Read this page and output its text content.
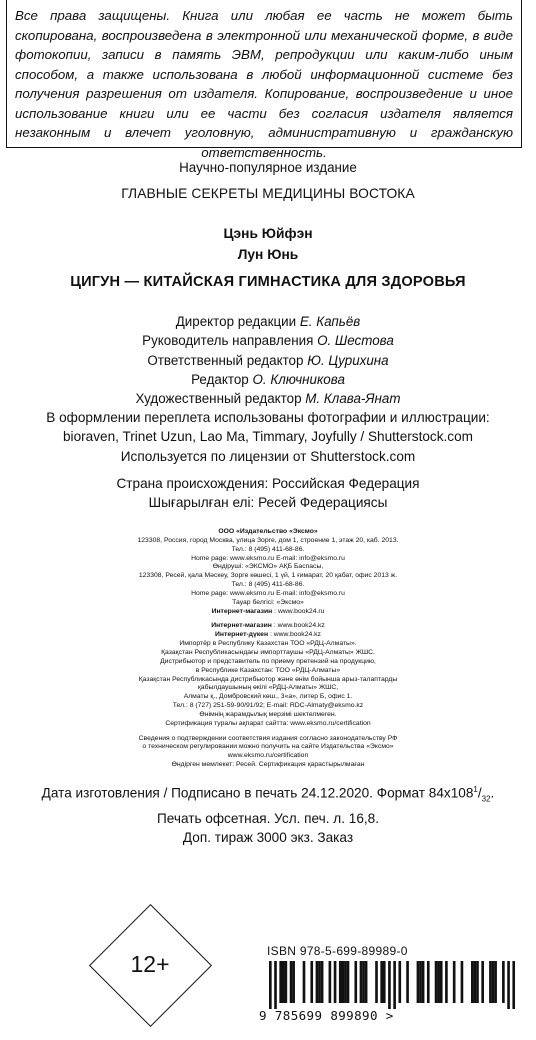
Все права защищены. Книга или любая ее часть не может быть скопирована, воспроизведена в электронной или механической форме, в виде фотокопии, записи в память ЭВМ, репродукции или каким-либо иным способом, а также использована в любой информационной системе без получения разрешения от издателя. Копирование, воспроизведение и иное использование книги или ее части без согласия издателя является незаконным и влечет уголовную, административную и гражданскую ответственность.

Научно-популярное издание
ГЛАВНЫЕ СЕКРЕТЫ МЕДИЦИНЫ ВОСТОКА
Цэнь Юйфэн
Лун Юнь
ЦИГУН — КИТАЙСКАЯ ГИМНАСТИКА ДЛЯ ЗДОРОВЬЯ
Директор редакции Е. Капьёв
Руководитель направления О. Шестова
Ответственный редактор Ю. Цурихина
Редактор О. Ключникова
Художественный редактор М. Клава-Янат
В оформлении переплета использованы фотографии и иллюстрации:
bioraven, Trinet Uzun, Lao Ma, Timmary, Joyfully / Shutterstock.com
Используется по лицензии от Shutterstock.com
Страна происхождения: Российская Федерация
Шығарылған елі: Ресей Федерациясы
ООО «Издательство «Эксмо»
123308, Россия, город Москва, улица Зорге, дом 1, строение 1, этаж 20, каб. 2013.
Тел.: 8 (495) 411-68-86.
Home page: www.eksmo.ru E-mail: info@eksmo.ru
Өндіруші: «ЭКСМО» АҚБ Баспасы,
123308, Ресей, қала Мәскеу, Зорге көшесі, 1 үй, 1 ғимарат, 20 қабат, офис 2013 ж.
Тел.: 8 (495) 411-68-86.
Home page: www.eksmo.ru E-mail: info@eksmo.ru
Тауар белгісі: «Эксмо»
Интернет-магазин : www.book24.ru
Интернет-магазин : www.book24.kz
Интернет-дүкен : www.book24.kz
Импортёр в Республику Казахстан ТОО «РДЦ-Алматы».
Қазақстан Республикасындағы импорттаушы «РДЦ-Алматы» ЖШС.
Дистрибьютор и представитель по приему претензий на продукцию,
в Республике Казахстан: ТОО «РДЦ-Алматы»
Қазақстан Республикасында дистрибьютор және өнім бойынша арыз-талаптарды
қабылдаушының өкілі «РДЦ-Алматы» ЖШС,
Алматы қ., Домбровский көш., 3«а», литер Б, офис 1.
Тел.: 8 (727) 251-59-90/91/92; E-mail: RDC-Almaty@eksmo.kz
Өнімнің жарамдылық мерзімі шектелмеген.
Сертификация туралы ақпарат сайтта: www.eksmo.ru/certification
Сведения о подтверждении соответствия издания согласно законодательству РФ
о техническом регулировании можно получить на сайте Издательства «Эксмо»
www.eksmo.ru/certification
Өндірген мемлекет: Ресей. Сертификация қарастырылмаған
Дата изготовления / Подписано в печать 24.12.2020. Формат $84x108^1/_{32}$.
Печать офсетная. Усл. печ. л. 16,8.
Доп. тираж 3000 экз. Заказ
12+	ISBN 978-5-699-89989-0
9 785699 899890 >
